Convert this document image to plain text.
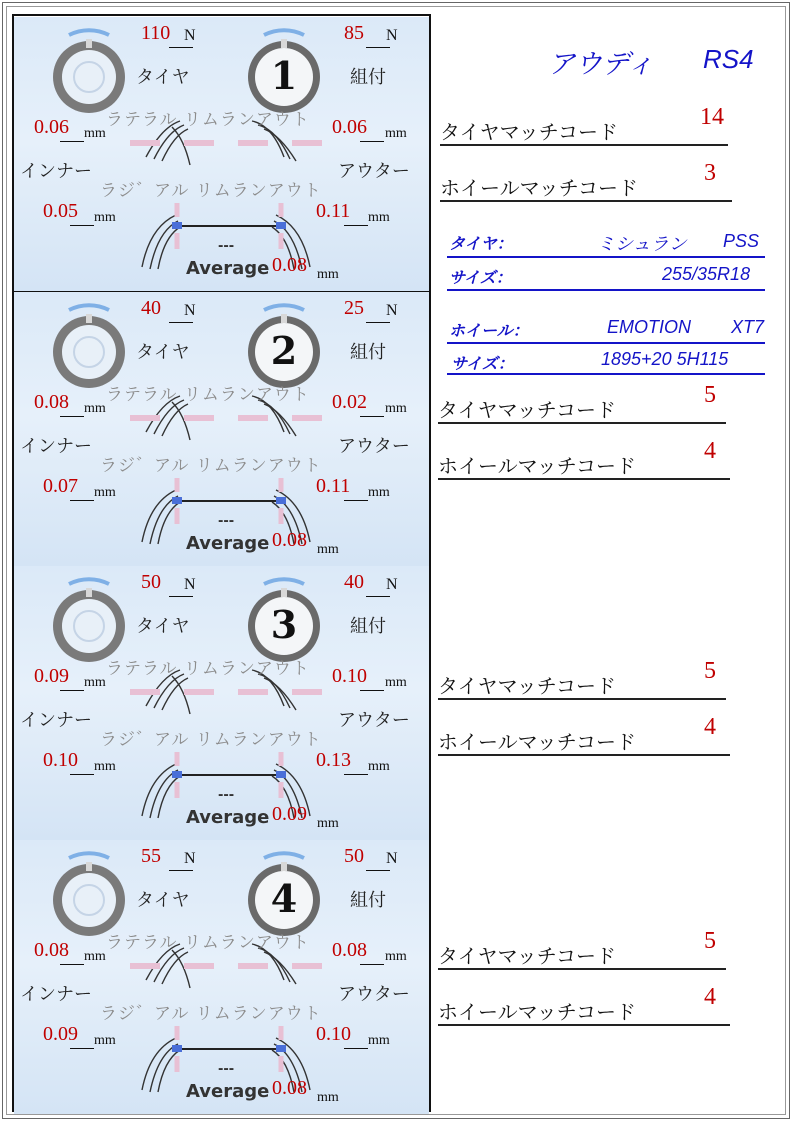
1
110 N	85 N
タイヤ	組付
ラテラル リムランアウト
0.06 mm	0.06 mm
インナー	アウター
ラジ゛アル リムランアウト
0.05 mm	0.11 mm
---
Average 0.08 mm
2
40 N	25 N
タイヤ	組付
ラテラル リムランアウト
0.08 mm	0.02 mm
インナー	アウター
ラジ゛アル リムランアウト
0.07 mm	0.11 mm
---
Average 0.08 mm
3
50 N	40 N
タイヤ	組付
ラテラル リムランアウト
0.09 mm	0.10 mm
インナー	アウター
ラジ゛アル リムランアウト
0.10 mm	0.13 mm
---
Average 0.09 mm
4
55 N	50 N
タイヤ	組付
ラテラル リムランアウト
0.08 mm	0.08 mm
インナー	アウター
ラジ゛アル リムランアウト
0.09 mm	0.10 mm
---
Average 0.08 mm
アウディ RS4
タイヤ：	ミシュラン PSS
サイズ：	255/35R18
ホイール：	EMOTION XT7
サイズ：	1895+20 5H115
タイヤマッチコード
14
ホイールマッチコード
3
タイヤマッチコード
5
ホイールマッチコード
4
タイヤマッチコード
5
ホイールマッチコード
4
タイヤマッチコード
5
ホイールマッチコード
4
